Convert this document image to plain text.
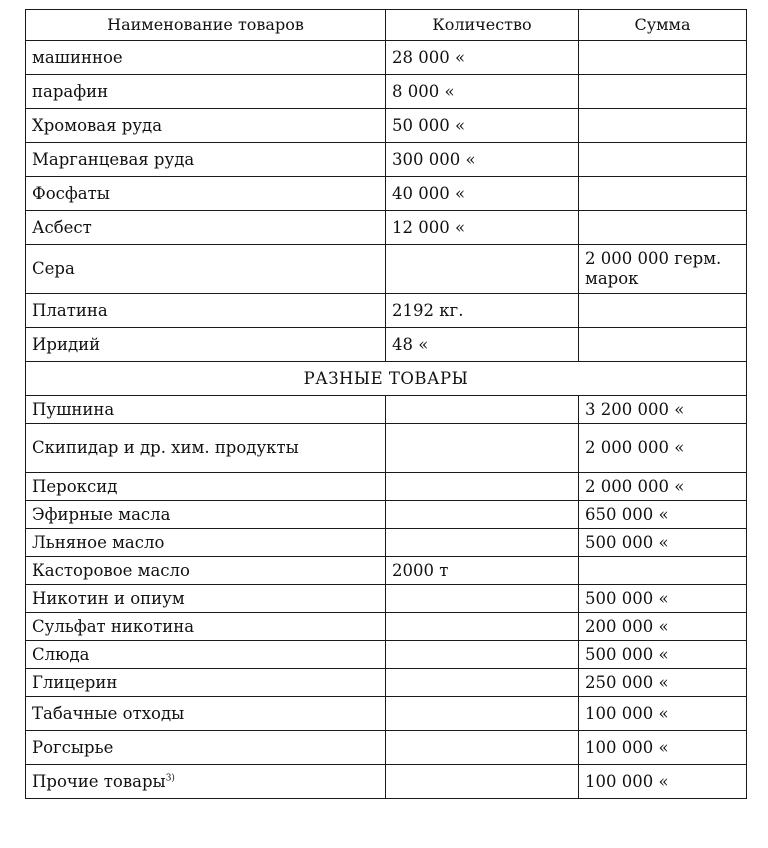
Наименование товаров	Количество	Сумма
машинное	28 000 «	
парафин	8 000 «	
Хромовая руда	50 000 «	
Марганцевая руда	300 000 «	
Фосфаты	40 000 «	
Асбест	12 000 «	
Сера		2 000 000 герм. марок
Платина	2192 кг.	
Иридий	48 «	
РАЗНЫЕ ТОВАРЫ		
Пушнина		3 200 000 «
Скипидар и др. хим. продукты		2 000 000 «
Пероксид		2 000 000 «
Эфирные масла		650 000 «
Льняное масло		500 000 «
Касторовое масло	2000 т	
Никотин и опиум		500 000 «
Сульфат никотина		200 000 «
Слюда		500 000 «
Глицерин		250 000 «
Табачные отходы		100 000 «
Рогсырье		100 000 «
Прочие товары$^{3)}$		100 000 «
